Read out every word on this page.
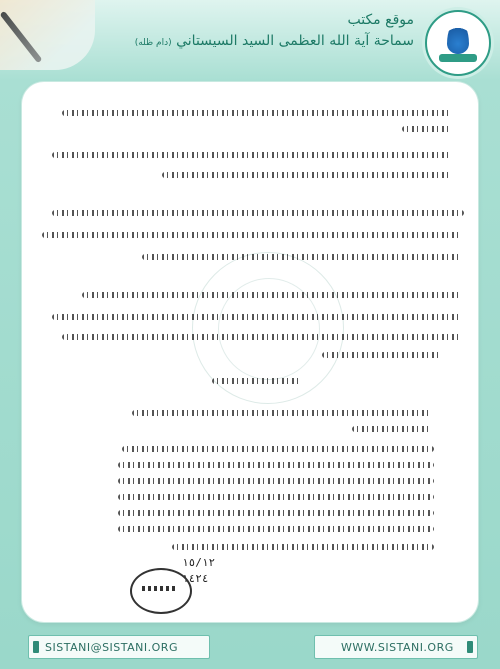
موقع مكتب
سماحة آية الله العظمى السيد السيستاني (دام ظله)
١٥/١٢
١٤٢٤
SISTANI@SISTANI.ORG	WWW.SISTANI.ORG
